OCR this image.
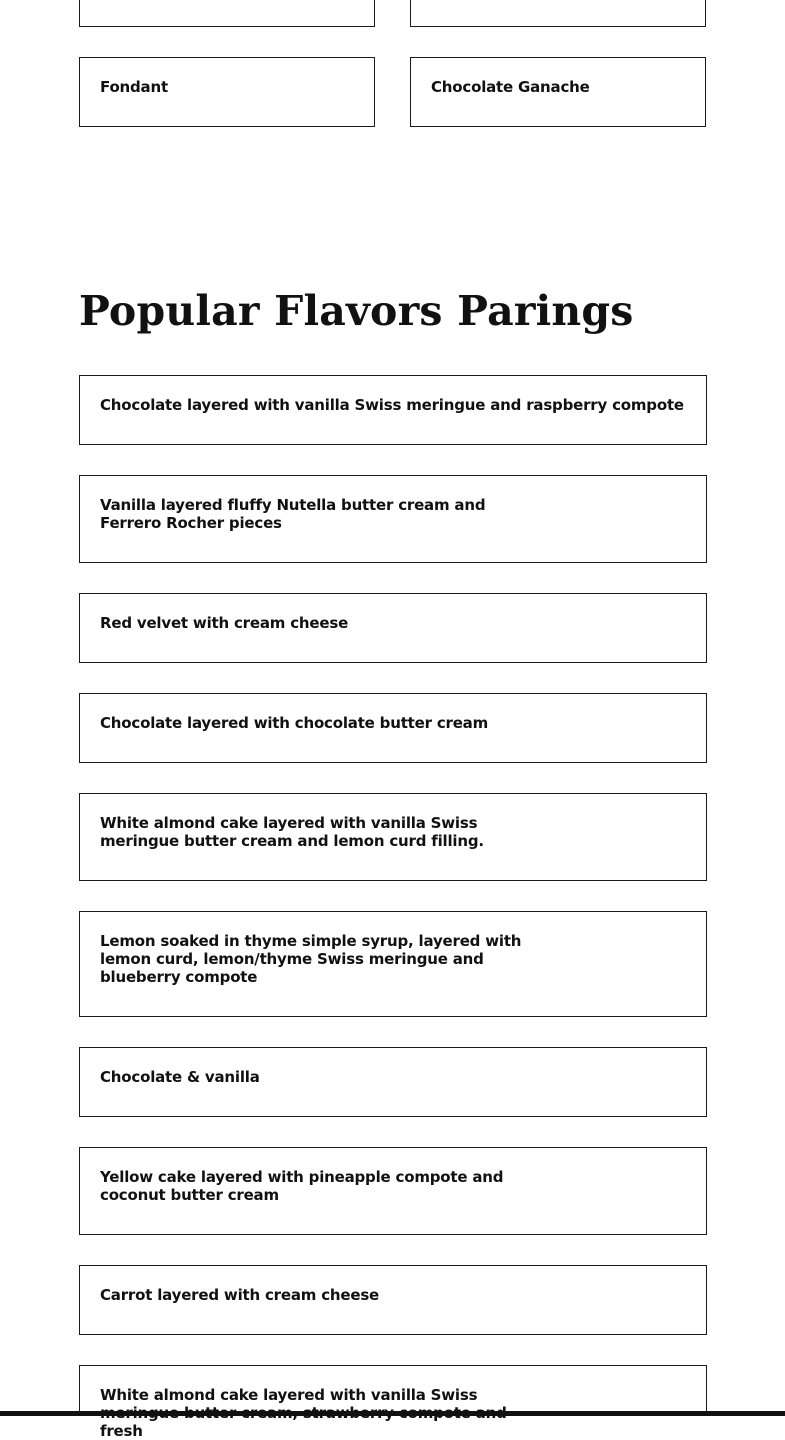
Fondant	Chocolate Ganache
Popular Flavors Parings
Chocolate layered with vanilla Swiss meringue and raspberry compote
Vanilla layered fluffy Nutella butter cream and Ferrero Rocher pieces
Red velvet with cream cheese
Chocolate layered with chocolate butter cream
White almond cake layered with vanilla Swiss meringue butter cream and lemon curd filling.
Lemon soaked in thyme simple syrup, layered with lemon curd, lemon/thyme Swiss meringue and blueberry compote
Chocolate & vanilla
Yellow cake layered with pineapple compote and coconut butter cream
Carrot layered with cream cheese
White almond cake layered with vanilla Swiss fresh
